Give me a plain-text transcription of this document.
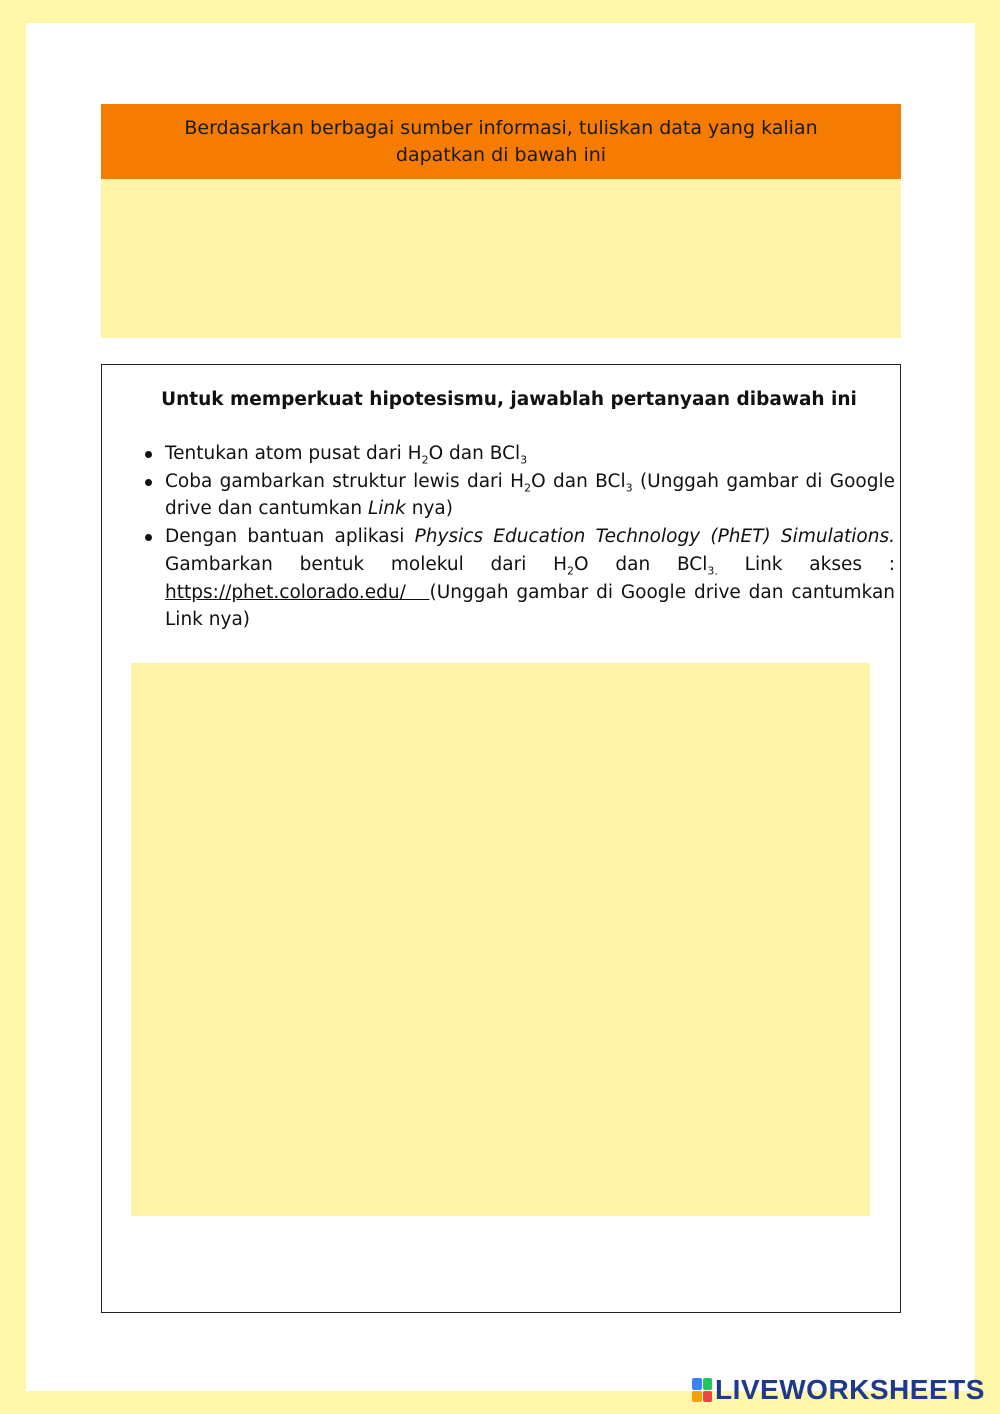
Berdasarkan berbagai sumber informasi, tuliskan data yang kalian
dapatkan di bawah ini
Untuk memperkuat hipotesismu, jawablah pertanyaan dibawah ini
Tentukan atom pusat dari $H_2O$ dan BCl$_3$
Coba gambarkan struktur lewis dari $H_2O$ dan BCl$_3$ (Unggah gambar di Google drive dan cantumkan Link nya)
Dengan bantuan aplikasi Physics Education Technology (PhET) Simulations. Gambarkan bentuk molekul dari $H_2O$ dan BCl$_{3.}$ Link akses : https://phet.colorado.edu/   (Unggah gambar di Google drive dan cantumkan Link nya)
LIVEWORKSHEETS
